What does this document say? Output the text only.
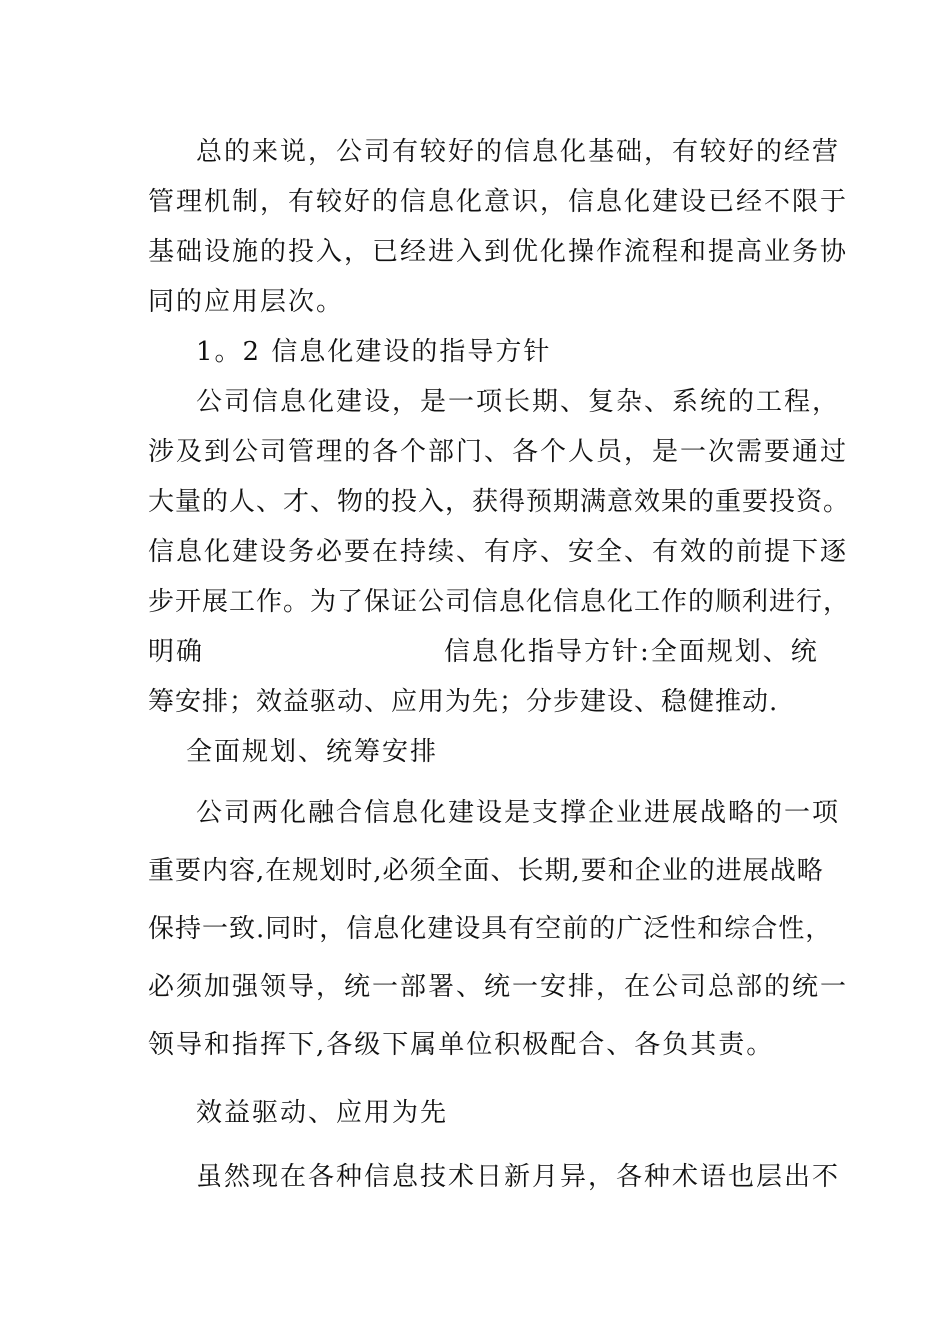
总的来说，公司有较好的信息化基础，有较好的经营
管理机制，有较好的信息化意识，信息化建设已经不限于
基础设施的投入，已经进入到优化操作流程和提高业务协
同的应用层次。
1。2 信息化建设的指导方针
公司信息化建设，是一项长期、复杂、系统的工程，
涉及到公司管理的各个部门、各个人员，是一次需要通过
大量的人、才、物的投入，获得预期满意效果的重要投资。
信息化建设务必要在持续、有序、安全、有效的前提下逐
步开展工作。为了保证公司信息化信息化工作的顺利进行，
明确	信息化指导方针:全面规划、统
筹安排；效益驱动、应用为先；分步建设、稳健推动.
全面规划、统筹安排
公司两化融合信息化建设是支撑企业进展战略的一项
重要内容,在规划时,必须全面、长期,要和企业的进展战略
保持一致.同时，信息化建设具有空前的广泛性和综合性，
必须加强领导，统一部署、统一安排，在公司总部的统一
领导和指挥下,各级下属单位积极配合、各负其责。
效益驱动、应用为先
虽然现在各种信息技术日新月异，各种术语也层出不
